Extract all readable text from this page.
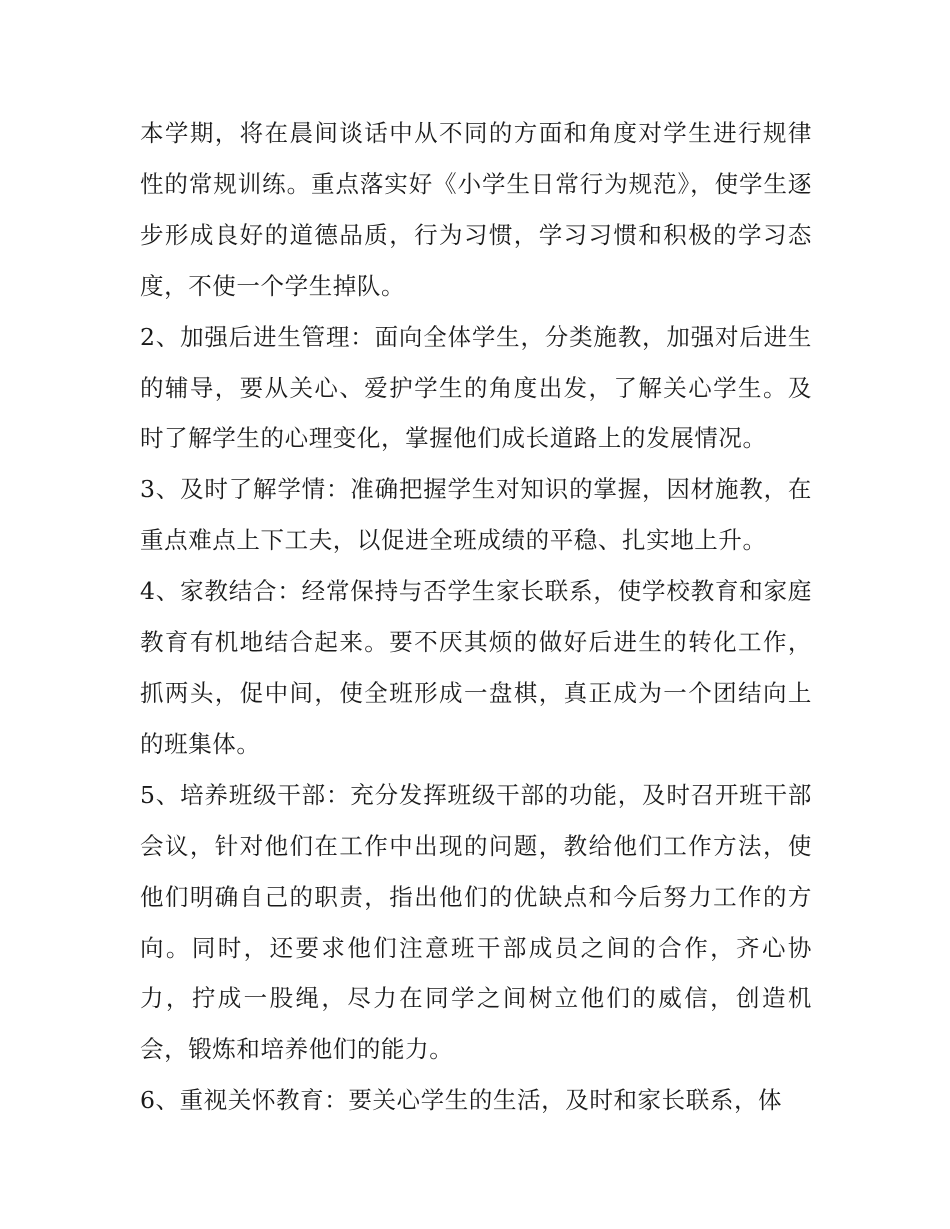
本学期，将在晨间谈话中从不同的方面和角度对学生进行规律性的常规训练。重点落实好《小学生日常行为规范》，使学生逐步形成良好的道德品质，行为习惯，学习习惯和积极的学习态度，不使一个学生掉队。

2、加强后进生管理：面向全体学生，分类施教，加强对后进生的辅导，要从关心、爱护学生的角度出发，了解关心学生。及时了解学生的心理变化，掌握他们成长道路上的发展情况。

3、及时了解学情：准确把握学生对知识的掌握，因材施教，在重点难点上下工夫，以促进全班成绩的平稳、扎实地上升。

4、家教结合：经常保持与否学生家长联系，使学校教育和家庭教育有机地结合起来。要不厌其烦的做好后进生的转化工作，抓两头，促中间，使全班形成一盘棋，真正成为一个团结向上的班集体。

5、培养班级干部：充分发挥班级干部的功能，及时召开班干部会议，针对他们在工作中出现的问题，教给他们工作方法，使他们明确自己的职责，指出他们的优缺点和今后努力工作的方向。同时，还要求他们注意班干部成员之间的合作，齐心协力，拧成一股绳，尽力在同学之间树立他们的威信，创造机会，锻炼和培养他们的能力。

6、重视关怀教育：要关心学生的生活，及时和家长联系，体
